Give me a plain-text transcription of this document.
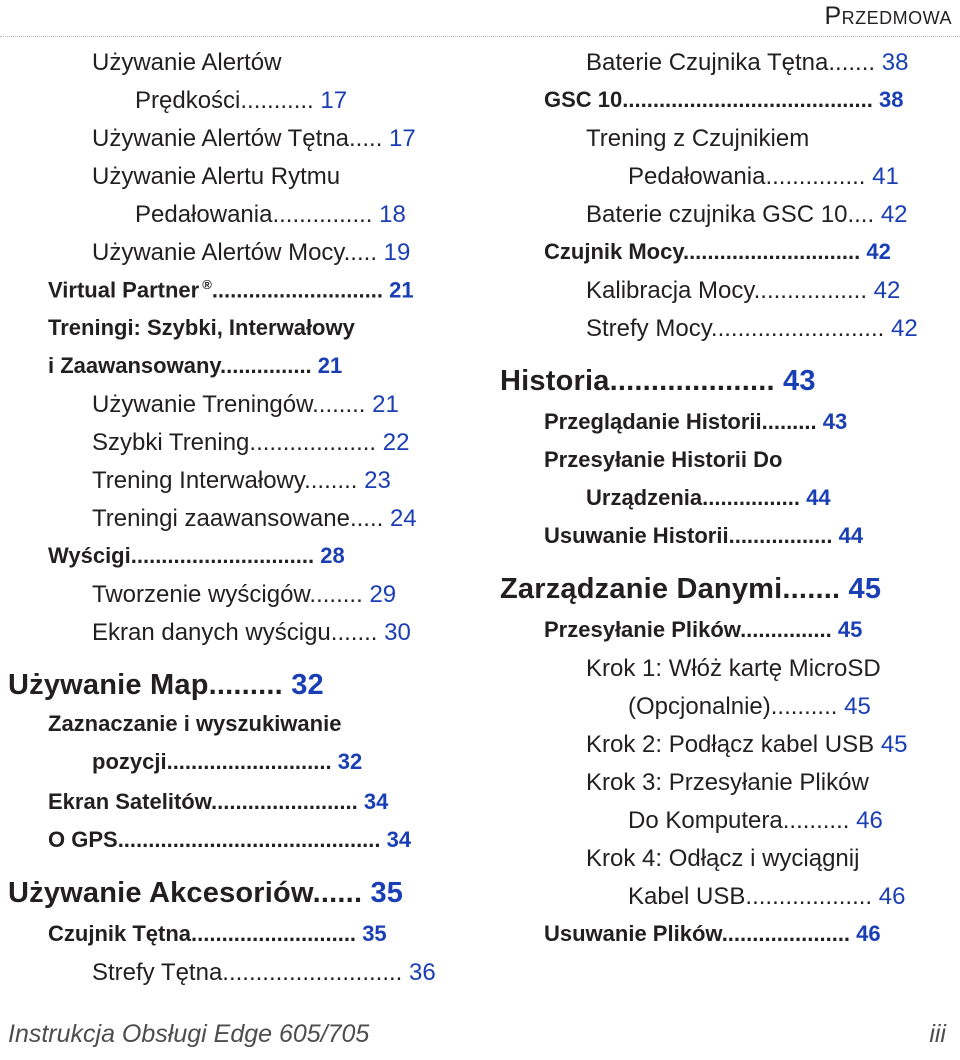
Przedmowa
Używanie Alertów
Prędkości........... 17
Używanie Alertów Tętna..... 17
Używanie Alertu Rytmu
Pedałowania............... 18
Używanie Alertów Mocy..... 19
Virtual Partner ®............................ 21
Treningi: Szybki, Interwałowy
i Zaawansowany............... 21
Używanie Treningów........ 21
Szybki Trening................... 22
Trening Interwałowy........ 23
Treningi zaawansowane..... 24
Wyścigi.............................. 28
Tworzenie wyścigów........ 29
Ekran danych wyścigu....... 30
Używanie Map......... 32
Zaznaczanie i wyszukiwanie
pozycji........................... 32
Ekran Satelitów........................ 34
O GPS........................................... 34
Używanie Akcesoriów...... 35
Czujnik Tętna........................... 35
Strefy Tętna........................... 36
Baterie Czujnika Tętna....... 38
GSC 10......................................... 38
Trening z Czujnikiem
Pedałowania............... 41
Baterie czujnika GSC 10.... 42
Czujnik Mocy............................. 42
Kalibracja Mocy................. 42
Strefy Mocy.......................... 42
Historia.................... 43
Przeglądanie Historii......... 43
Przesyłanie Historii Do
Urządzenia................ 44
Usuwanie Historii................. 44
Zarządzanie Danymi....... 45
Przesyłanie Plików............... 45
Krok 1: Włóż kartę MicroSD
(Opcjonalnie).......... 45
Krok 2: Podłącz kabel USB 45
Krok 3: Przesyłanie Plików
Do Komputera.......... 46
Krok 4: Odłącz i wyciągnij
Kabel USB................... 46
Usuwanie Plików..................... 46
Instrukcja Obsługi Edge 605/705	iii
